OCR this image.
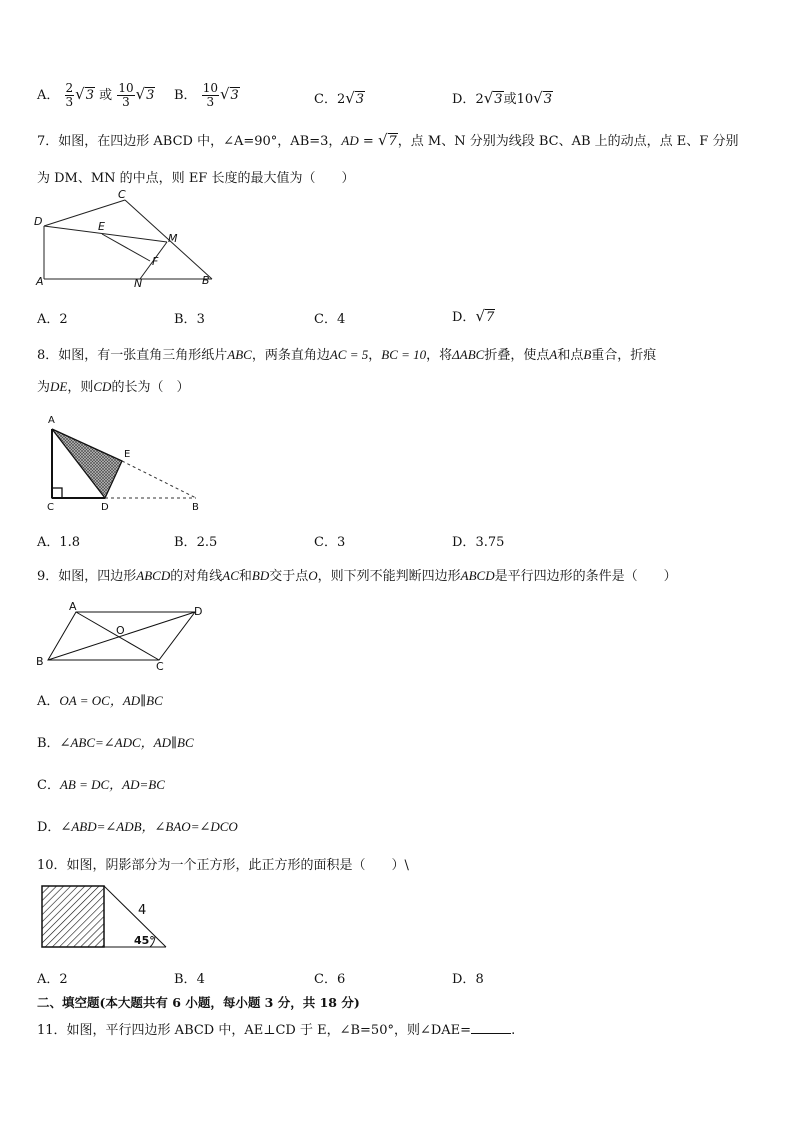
A． $\frac{2}{3} √3$ 或 $\frac{10}{3} √3$ B． $\frac{10}{3} √3$	C．2√3	D．2√3或10√3
7．如图，在四边形 ABCD 中，∠A=90°，AB=3，AD = √7，点 M、N 分别为线段 BC、AB 上的动点，点 E、F 分别
为 DM、MN 的中点，则 EF 长度的最大值为（　　）
D
C
E
M
F
A	N	B
A．2	B．3	C．4	D．√7
8．如图，有一张直角三角形纸片ABC，两条直角边AC = 5，BC = 10，将ΔABC折叠，使点A和点B重合，折痕
为DE，则CD的长为（　）
A
E
C	D	B
A．1.8	B．2.5	C．3	D．3.75
9．如图，四边形ABCD的对角线AC和BD交于点O，则下列不能判断四边形ABCD是平行四边形的条件是（　　）
A	D
O
B	C
A．OA = OC，AD∥BC
B．∠ABC=∠ADC，AD∥BC
C．AB = DC，AD=BC
D．∠ABD=∠ADB，∠BAO=∠DCO
10．如图，阴影部分为一个正方形，此正方形的面积是（　　）\
4
45°
A．2	B．4	C．6	D．8
二、填空题(本大题共有 6 小题，每小题 3 分，共 18 分)
11．如图，平行四边形 ABCD 中，AE⊥CD 于 E，∠B=50°，则∠DAE=	.
